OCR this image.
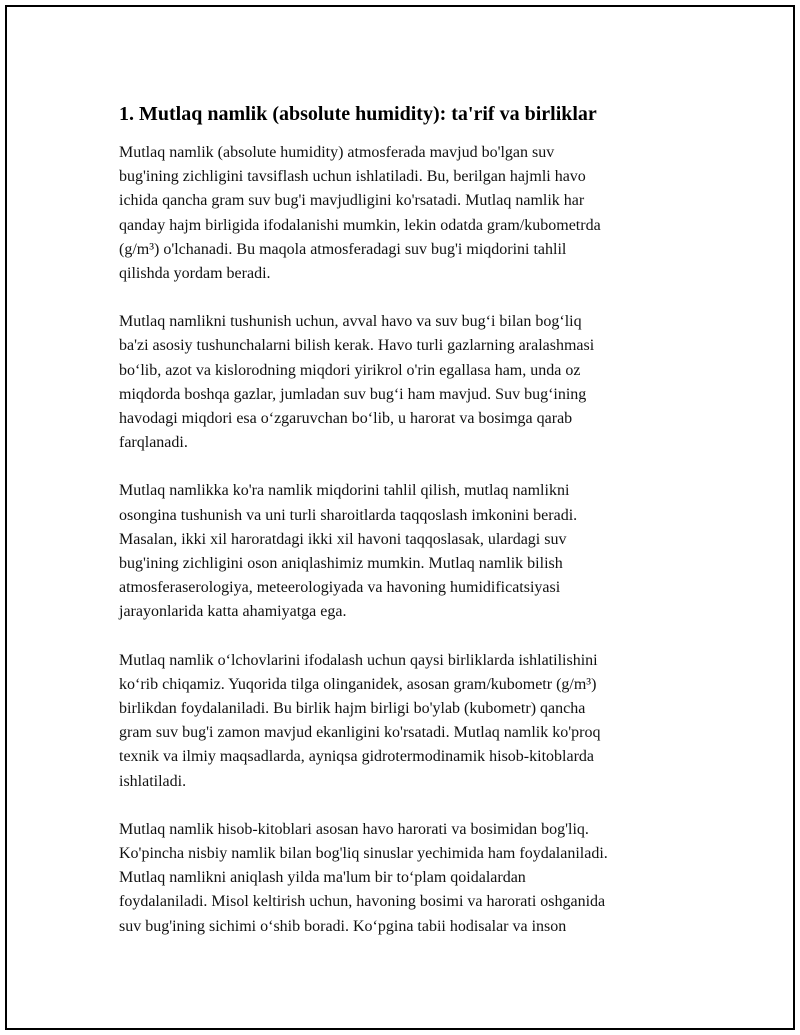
1. Mutlaq namlik (absolute humidity): ta'rif va birliklar

Mutlaq namlik (absolute humidity) atmosferada mavjud bo'lgan suv
bug'ining zichligini tavsiflash uchun ishlatiladi. Bu, berilgan hajmli havo
ichida qancha gram suv bug'i mavjudligini ko'rsatadi. Mutlaq namlik har
qanday hajm birligida ifodalanishi mumkin, lekin odatda gram/kubometrda
(g/m³) o'lchanadi. Bu maqola atmosferadagi suv bug'i miqdorini tahlil
qilishda yordam beradi.

Mutlaq namlikni tushunish uchun, avval havo va suv bug‘i bilan bog‘liq
ba'zi asosiy tushunchalarni bilish kerak. Havo turli gazlarning aralashmasi
bo‘lib, azot va kislorodning miqdori yirikrol o'rin egallasa ham, unda oz
miqdorda boshqa gazlar, jumladan suv bug‘i ham mavjud. Suv bug‘ining
havodagi miqdori esa o‘zgaruvchan bo‘lib, u harorat va bosimga qarab
farqlanadi.

Mutlaq namlikka ko'ra namlik miqdorini tahlil qilish, mutlaq namlikni
osongina tushunish va uni turli sharoitlarda taqqoslash imkonini beradi.
Masalan, ikki xil haroratdagi ikki xil havoni taqqoslasak, ulardagi suv
bug'ining zichligini oson aniqlashimiz mumkin. Mutlaq namlik bilish
atmosferaserologiya, meteerologiyada va havoning humidificatsiyasi
jarayonlarida katta ahamiyatga ega.

Mutlaq namlik o‘lchovlarini ifodalash uchun qaysi birliklarda ishlatilishini
ko‘rib chiqamiz. Yuqorida tilga olinganidek, asosan gram/kubometr (g/m³)
birlikdan foydalaniladi. Bu birlik hajm birligi bo'ylab (kubometr) qancha
gram suv bug'i zamon mavjud ekanligini ko'rsatadi. Mutlaq namlik ko'proq
texnik va ilmiy maqsadlarda, ayniqsa gidrotermodinamik hisob-kitoblarda
ishlatiladi.

Mutlaq namlik hisob-kitoblari asosan havo harorati va bosimidan bog'liq.
Ko'pincha nisbiy namlik bilan bog'liq sinuslar yechimida ham foydalaniladi.
Mutlaq namlikni aniqlash yilda ma'lum bir to‘plam qoidalardan
foydalaniladi. Misol keltirish uchun, havoning bosimi va harorati oshganida
suv bug'ining sichimi o‘shib boradi. Ko‘pgina tabii hodisalar va inson
